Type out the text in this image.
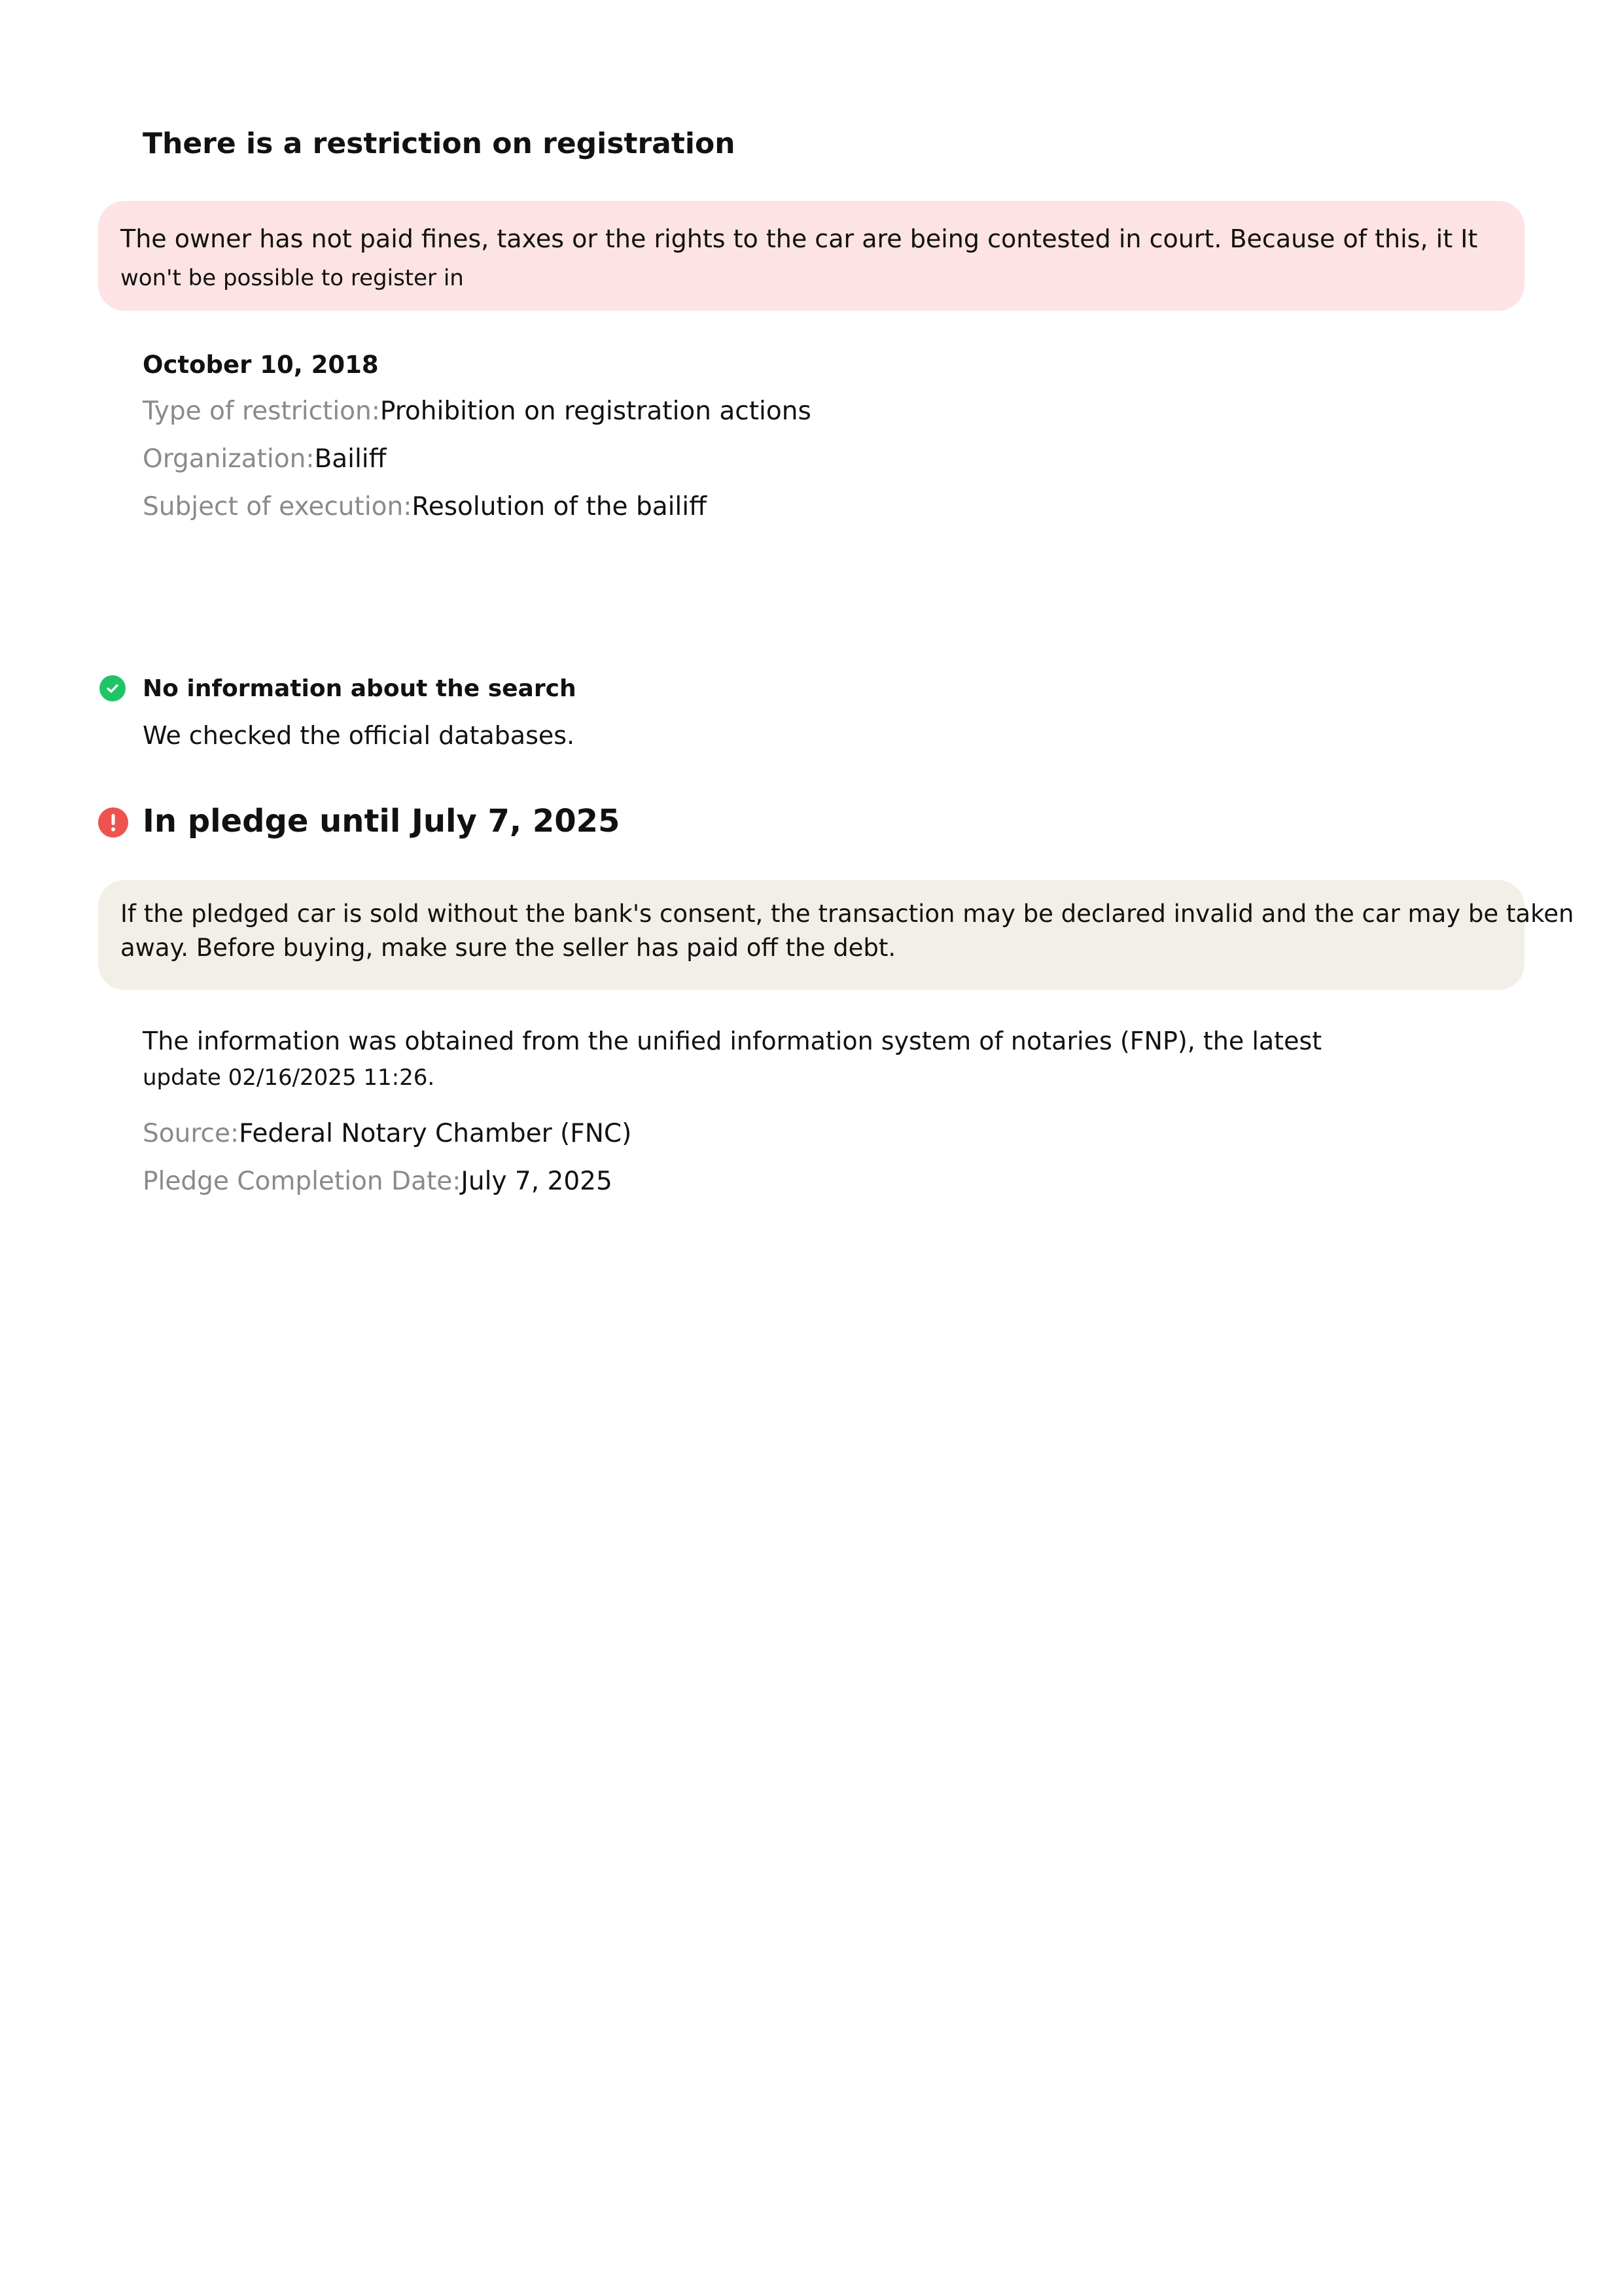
There is a restriction on registration

The owner has not paid fines, taxes or the rights to the car are being contested in court. Because of this, it It

won't be possible to register in

October 10, 2018

Type of restriction:Prohibition on registration actions

Organization:Bailiff

Subject of execution:Resolution of the bailiff

No information about the search

We checked the official databases.

In pledge until July 7, 2025

If the pledged car is sold without the bank's consent, the transaction may be declared invalid and the car may be taken

away. Before buying, make sure the seller has paid off the debt.

The information was obtained from the unified information system of notaries (FNP), the latest

update 02/16/2025 11:26.

Source:Federal Notary Chamber (FNC)

Pledge Completion Date:July 7, 2025
